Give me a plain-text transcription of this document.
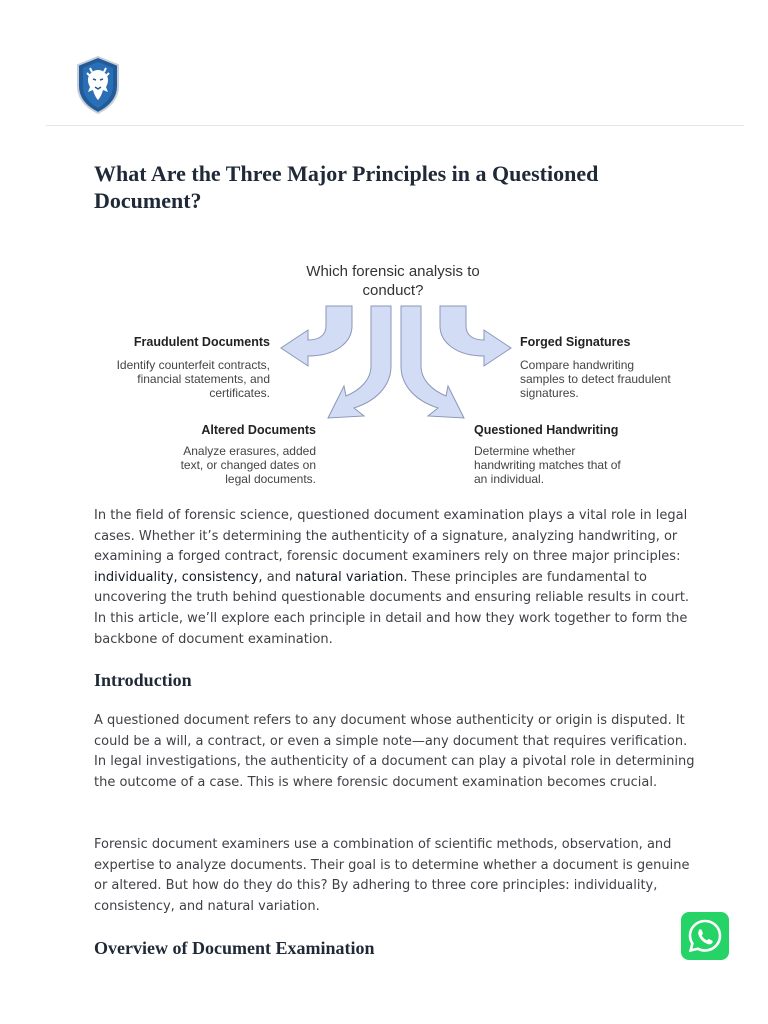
What Are the Three Major Principles in a Questioned Document?
Which forensic analysis to
conduct?
Fraudulent Documents
Identify counterfeit contracts,
financial statements, and
certificates.
Forged Signatures
Compare handwriting
samples to detect fraudulent
signatures.
Altered Documents
Analyze erasures, added
text, or changed dates on
legal documents.
Questioned Handwriting
Determine whether
handwriting matches that of
an individual.

In the field of forensic science, questioned document examination plays a vital role in legal cases. Whether it’s determining the authenticity of a signature, analyzing handwriting, or examining a forged contract, forensic document examiners rely on three major principles: individuality, consistency, and natural variation. These principles are fundamental to uncovering the truth behind questionable documents and ensuring reliable results in court. In this article, we’ll explore each principle in detail and how they work together to form the backbone of document examination.

Introduction

A questioned document refers to any document whose authenticity or origin is disputed. It could be a will, a contract, or even a simple note—any document that requires verification. In legal investigations, the authenticity of a document can play a pivotal role in determining the outcome of a case. This is where forensic document examination becomes crucial.

Forensic document examiners use a combination of scientific methods, observation, and expertise to analyze documents. Their goal is to determine whether a document is genuine or altered. But how do they do this? By adhering to three core principles: individuality, consistency, and natural variation.

Overview of Document Examination
